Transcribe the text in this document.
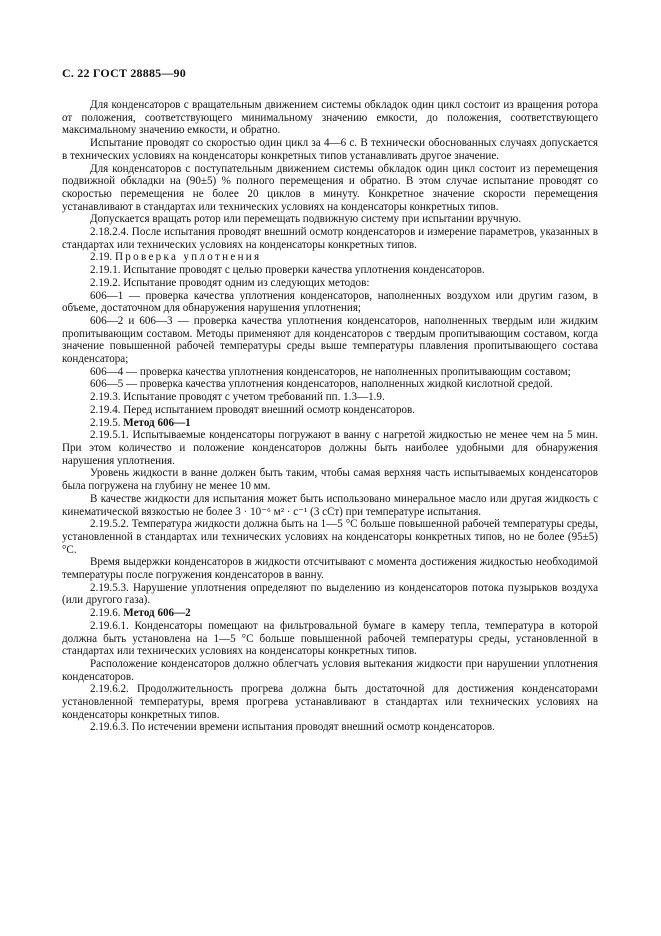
С. 22 ГОСТ 28885—90

Для конденсаторов с вращательным движением системы обкладок один цикл состоит из вращения ротора от положения, соответствующего минимальному значению емкости, до положения, соответствующего максимальному значению емкости, и обратно.

Испытание проводят со скоростью один цикл за 4—6 с. В технически обоснованных случаях допускается в технических условиях на конденсаторы конкретных типов устанавливать другое значение.

Для конденсаторов с поступательным движением системы обкладок один цикл состоит из перемещения подвижной обкладки на (90±5) % полного перемещения и обратно. В этом случае испытание проводят со скоростью перемещения не более 20 циклов в минуту. Конкретное значение скорости перемещения устанавливают в стандартах или технических условиях на конденсаторы конкретных типов.

Допускается вращать ротор или перемещать подвижную систему при испытании вручную.

2.18.2.4. После испытания проводят внешний осмотр конденсаторов и измерение параметров, указанных в стандартах или технических условиях на конденсаторы конкретных типов.

2.19. Проверка уплотнения

2.19.1. Испытание проводят с целью проверки качества уплотнения конденсаторов.

2.19.2. Испытание проводят одним из следующих методов:

606—1 — проверка качества уплотнения конденсаторов, наполненных воздухом или другим газом, в объеме, достаточном для обнаружения нарушения уплотнения;

606—2 и 606—3 — проверка качества уплотнения конденсаторов, наполненных твердым или жидким пропитывающим составом. Методы применяют для конденсаторов с твердым пропитывающим составом, когда значение повышенной рабочей температуры среды выше температуры плавления пропитывающего состава конденсатора;

606—4 — проверка качества уплотнения конденсаторов, не наполненных пропитывающим составом;

606—5 — проверка качества уплотнения конденсаторов, наполненных жидкой кислотной средой.

2.19.3. Испытание проводят с учетом требований пп. 1.3—1.9.

2.19.4. Перед испытанием проводят внешний осмотр конденсаторов.

2.19.5. Метод 606—1

2.19.5.1. Испытываемые конденсаторы погружают в ванну с нагретой жидкостью не менее чем на 5 мин. При этом количество и положение конденсаторов должны быть наиболее удобными для обнаружения нарушения уплотнения.

Уровень жидкости в ванне должен быть таким, чтобы самая верхняя часть испытываемых конденсаторов была погружена на глубину не менее 10 мм.

В качестве жидкости для испытания может быть использовано минеральное масло или другая жидкость с кинематической вязкостью не более 3 · 10⁻⁶ м² · с⁻¹ (3 сСт) при температуре испытания.

2.19.5.2. Температура жидкости должна быть на 1—5 °С больше повышенной рабочей температуры среды, установленной в стандартах или технических условиях на конденсаторы конкретных типов, но не более (95±5) °С.

Время выдержки конденсаторов в жидкости отсчитывают с момента достижения жидкостью необходимой температуры после погружения конденсаторов в ванну.

2.19.5.3. Нарушение уплотнения определяют по выделению из конденсаторов потока пузырьков воздуха (или другого газа).

2.19.6. Метод 606—2

2.19.6.1. Конденсаторы помещают на фильтровальной бумаге в камеру тепла, температура в которой должна быть установлена на 1—5 °С больше повышенной рабочей температуры среды, установленной в стандартах или технических условиях на конденсаторы конкретных типов.

Расположение конденсаторов должно облегчать условия вытекания жидкости при нарушении уплотнения конденсаторов.

2.19.6.2. Продолжительность прогрева должна быть достаточной для достижения конденсаторами установленной температуры, время прогрева устанавливают в стандартах или технических условиях на конденсаторы конкретных типов.

2.19.6.3. По истечении времени испытания проводят внешний осмотр конденсаторов.
